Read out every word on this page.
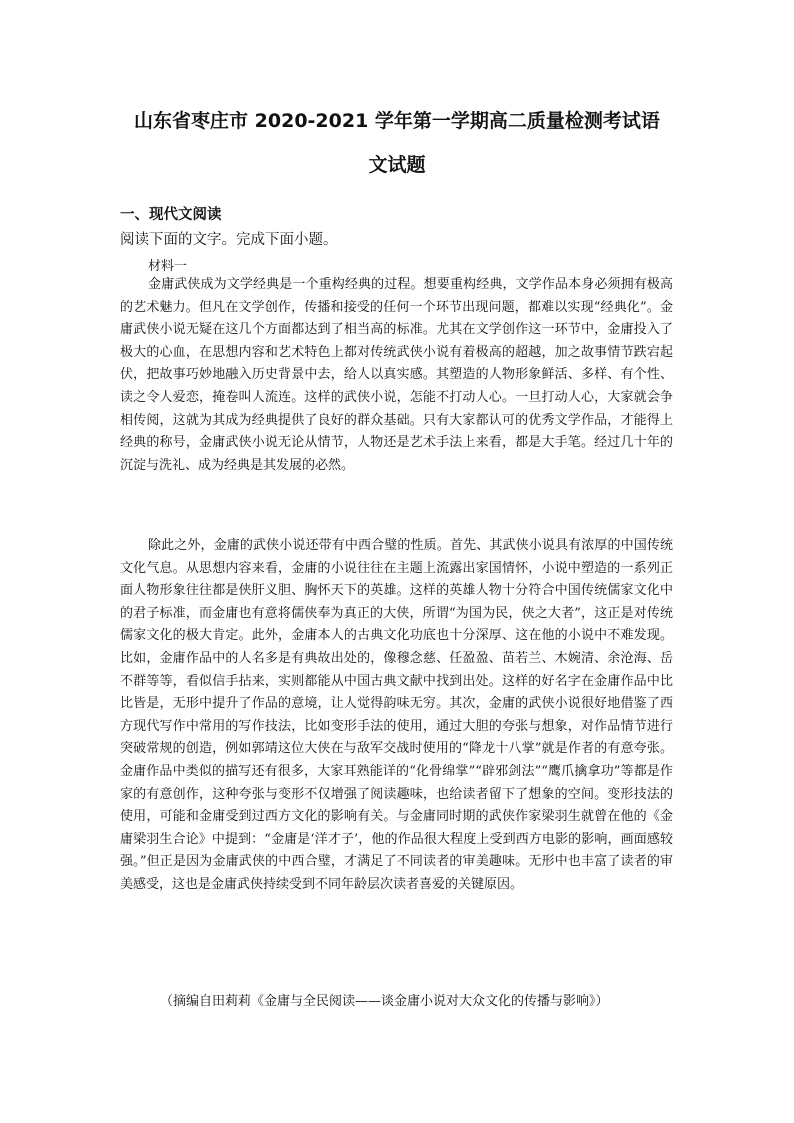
山东省枣庄市 2020-2021 学年第一学期高二质量检测考试语
文试题
一、现代文阅读
阅读下面的文字。完成下面小题。
材料一

金庸武侠成为文学经典是一个重构经典的过程。想要重构经典，文学作品本身必须拥有极高的艺术魅力。但凡在文学创作，传播和接受的任何一个环节出现问题，都难以实现“经典化”。金庸武侠小说无疑在这几个方面都达到了相当高的标准。尤其在文学创作这一环节中，金庸投入了极大的心血，在思想内容和艺术特色上都对传统武侠小说有着极高的超越，加之故事情节跌宕起伏，把故事巧妙地融入历史背景中去，给人以真实感。其塑造的人物形象鲜活、多样、有个性、读之令人爱恋，掩卷叫人流连。这样的武侠小说，怎能不打动人心。一旦打动人心，大家就会争相传阅，这就为其成为经典提供了良好的群众基础。只有大家都认可的优秀文学作品，才能得上经典的称号，金庸武侠小说无论从情节，人物还是艺术手法上来看，都是大手笔。经过几十年的沉淀与洗礼、成为经典是其发展的必然。

除此之外，金庸的武侠小说还带有中西合璧的性质。首先、其武侠小说具有浓厚的中国传统文化气息。从思想内容来看，金庸的小说往往在主题上流露出家国情怀，小说中塑造的一系列正面人物形象往往都是侠肝义胆、胸怀天下的英雄。这样的英雄人物十分符合中国传统儒家文化中的君子标准，而金庸也有意将儒侠奉为真正的大侠，所谓“为国为民，侠之大者”，这正是对传统儒家文化的极大肯定。此外，金庸本人的古典文化功底也十分深厚、这在他的小说中不难发现。比如，金庸作品中的人名多是有典故出处的，像穆念慈、任盈盈、苗若兰、木婉清、余沧海、岳不群等等，看似信手拈来，实则都能从中国古典文献中找到出处。这样的好名字在金庸作品中比比皆是，无形中提升了作品的意境，让人觉得韵味无穷。其次，金庸的武侠小说很好地借鉴了西方现代写作中常用的写作技法，比如变形手法的使用，通过大胆的夸张与想象，对作品情节进行突破常规的创造，例如郭靖这位大侠在与敌军交战时使用的“降龙十八掌”就是作者的有意夸张。金庸作品中类似的描写还有很多，大家耳熟能详的“化骨绵掌”“辟邪剑法”“鹰爪擒拿功”等都是作家的有意创作，这种夸张与变形不仅增强了阅读趣味，也给读者留下了想象的空间。变形技法的使用，可能和金庸受到过西方文化的影响有关。与金庸同时期的武侠作家梁羽生就曾在他的《金庸梁羽生合论》中提到：“金庸是‘洋才子’，他的作品很大程度上受到西方电影的影响，画面感较强。”但正是因为金庸武侠的中西合璧，才满足了不同读者的审美趣味。无形中也丰富了读者的审美感受，这也是金庸武侠持续受到不同年龄层次读者喜爱的关键原因。

（摘编自田莉莉《金庸与全民阅读——谈金庸小说对大众文化的传播与影响》）
